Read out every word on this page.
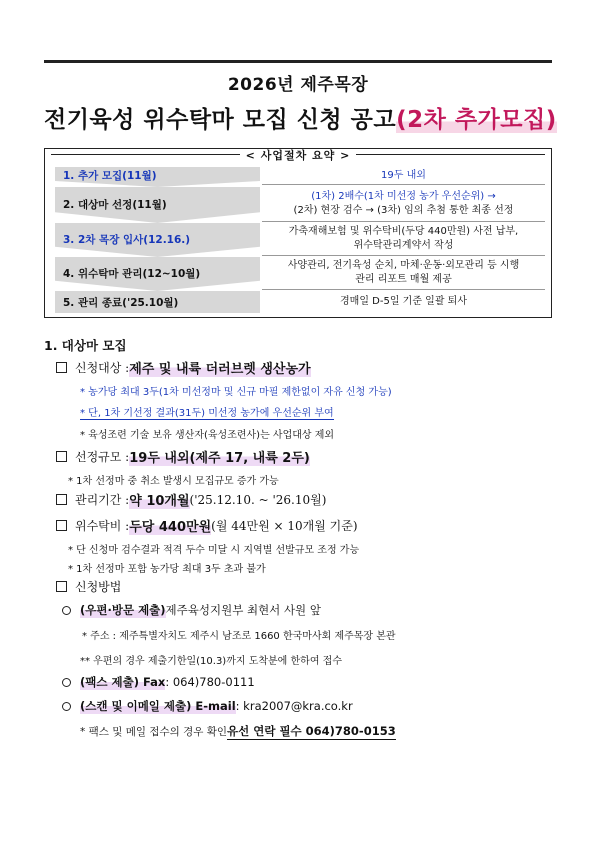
2026년 제주목장
전기육성 위수탁마 모집 신청 공고(2차 추가모집)
< 사업절차 요약 >
1. 추가 모집(11월)	19두 내외
2. 대상마 선정(11월)
(1차) 2배수(1차 미선정 농가 우선순위) →
(2차) 현장 검수 → (3차) 임의 추첨 통한 최종 선정
3. 2차 목장 입사(12.16.)
가축재해보험 및 위수탁비(두당 440만원) 사전 납부,
위수탁관리계약서 작성
4. 위수탁마 관리(12~10월)
사양관리, 전기육성 순치, 마체·운동·외모관리 등 시행
관리 리포트 매월 제공
5. 관리 종료('25.10월)	경매일 D-5일 기준 일괄 퇴사
1. 대상마 모집
신청대상 : 제주 및 내륙 더러브렛 생산농가
* 농가당 최대 3두(1차 미선정마 및 신규 마필 제한없이 자유 신청 가능)
* 단, 1차 기선정 결과(31두) 미선정 농가에 우선순위 부여
* 육성조련 기술 보유 생산자(육성조련사)는 사업대상 제외
선정규모 : 19두 내외(제주 17, 내륙 2두)
* 1차 선정마 중 취소 발생시 모집규모 증가 가능
관리기간 : 약 10개월 ('25.12.10. ~ '26.10월)
위수탁비 : 두당 440만원 (월 44만원 × 10개월 기준)
* 단 신청마 검수결과 적격 두수 미달 시 지역별 선발규모 조정 가능
* 1차 선정마 포함 농가당 최대 3두 초과 불가
신청방법
(우편·방문 제출) 제주육성지원부 최현서 사원 앞
* 주소 : 제주특별자치도 제주시 남조로 1660 한국마사회 제주목장 본관
** 우편의 경우 제출기한일(10.3)까지 도착분에 한하여 접수
(팩스 제출) Fax : 064)780-0111
(스캔 및 이메일 제출) E-mail : kra2007@kra.co.kr
* 팩스 및 메일 접수의 경우 확인 유선 연락 필수 064)780-0153
